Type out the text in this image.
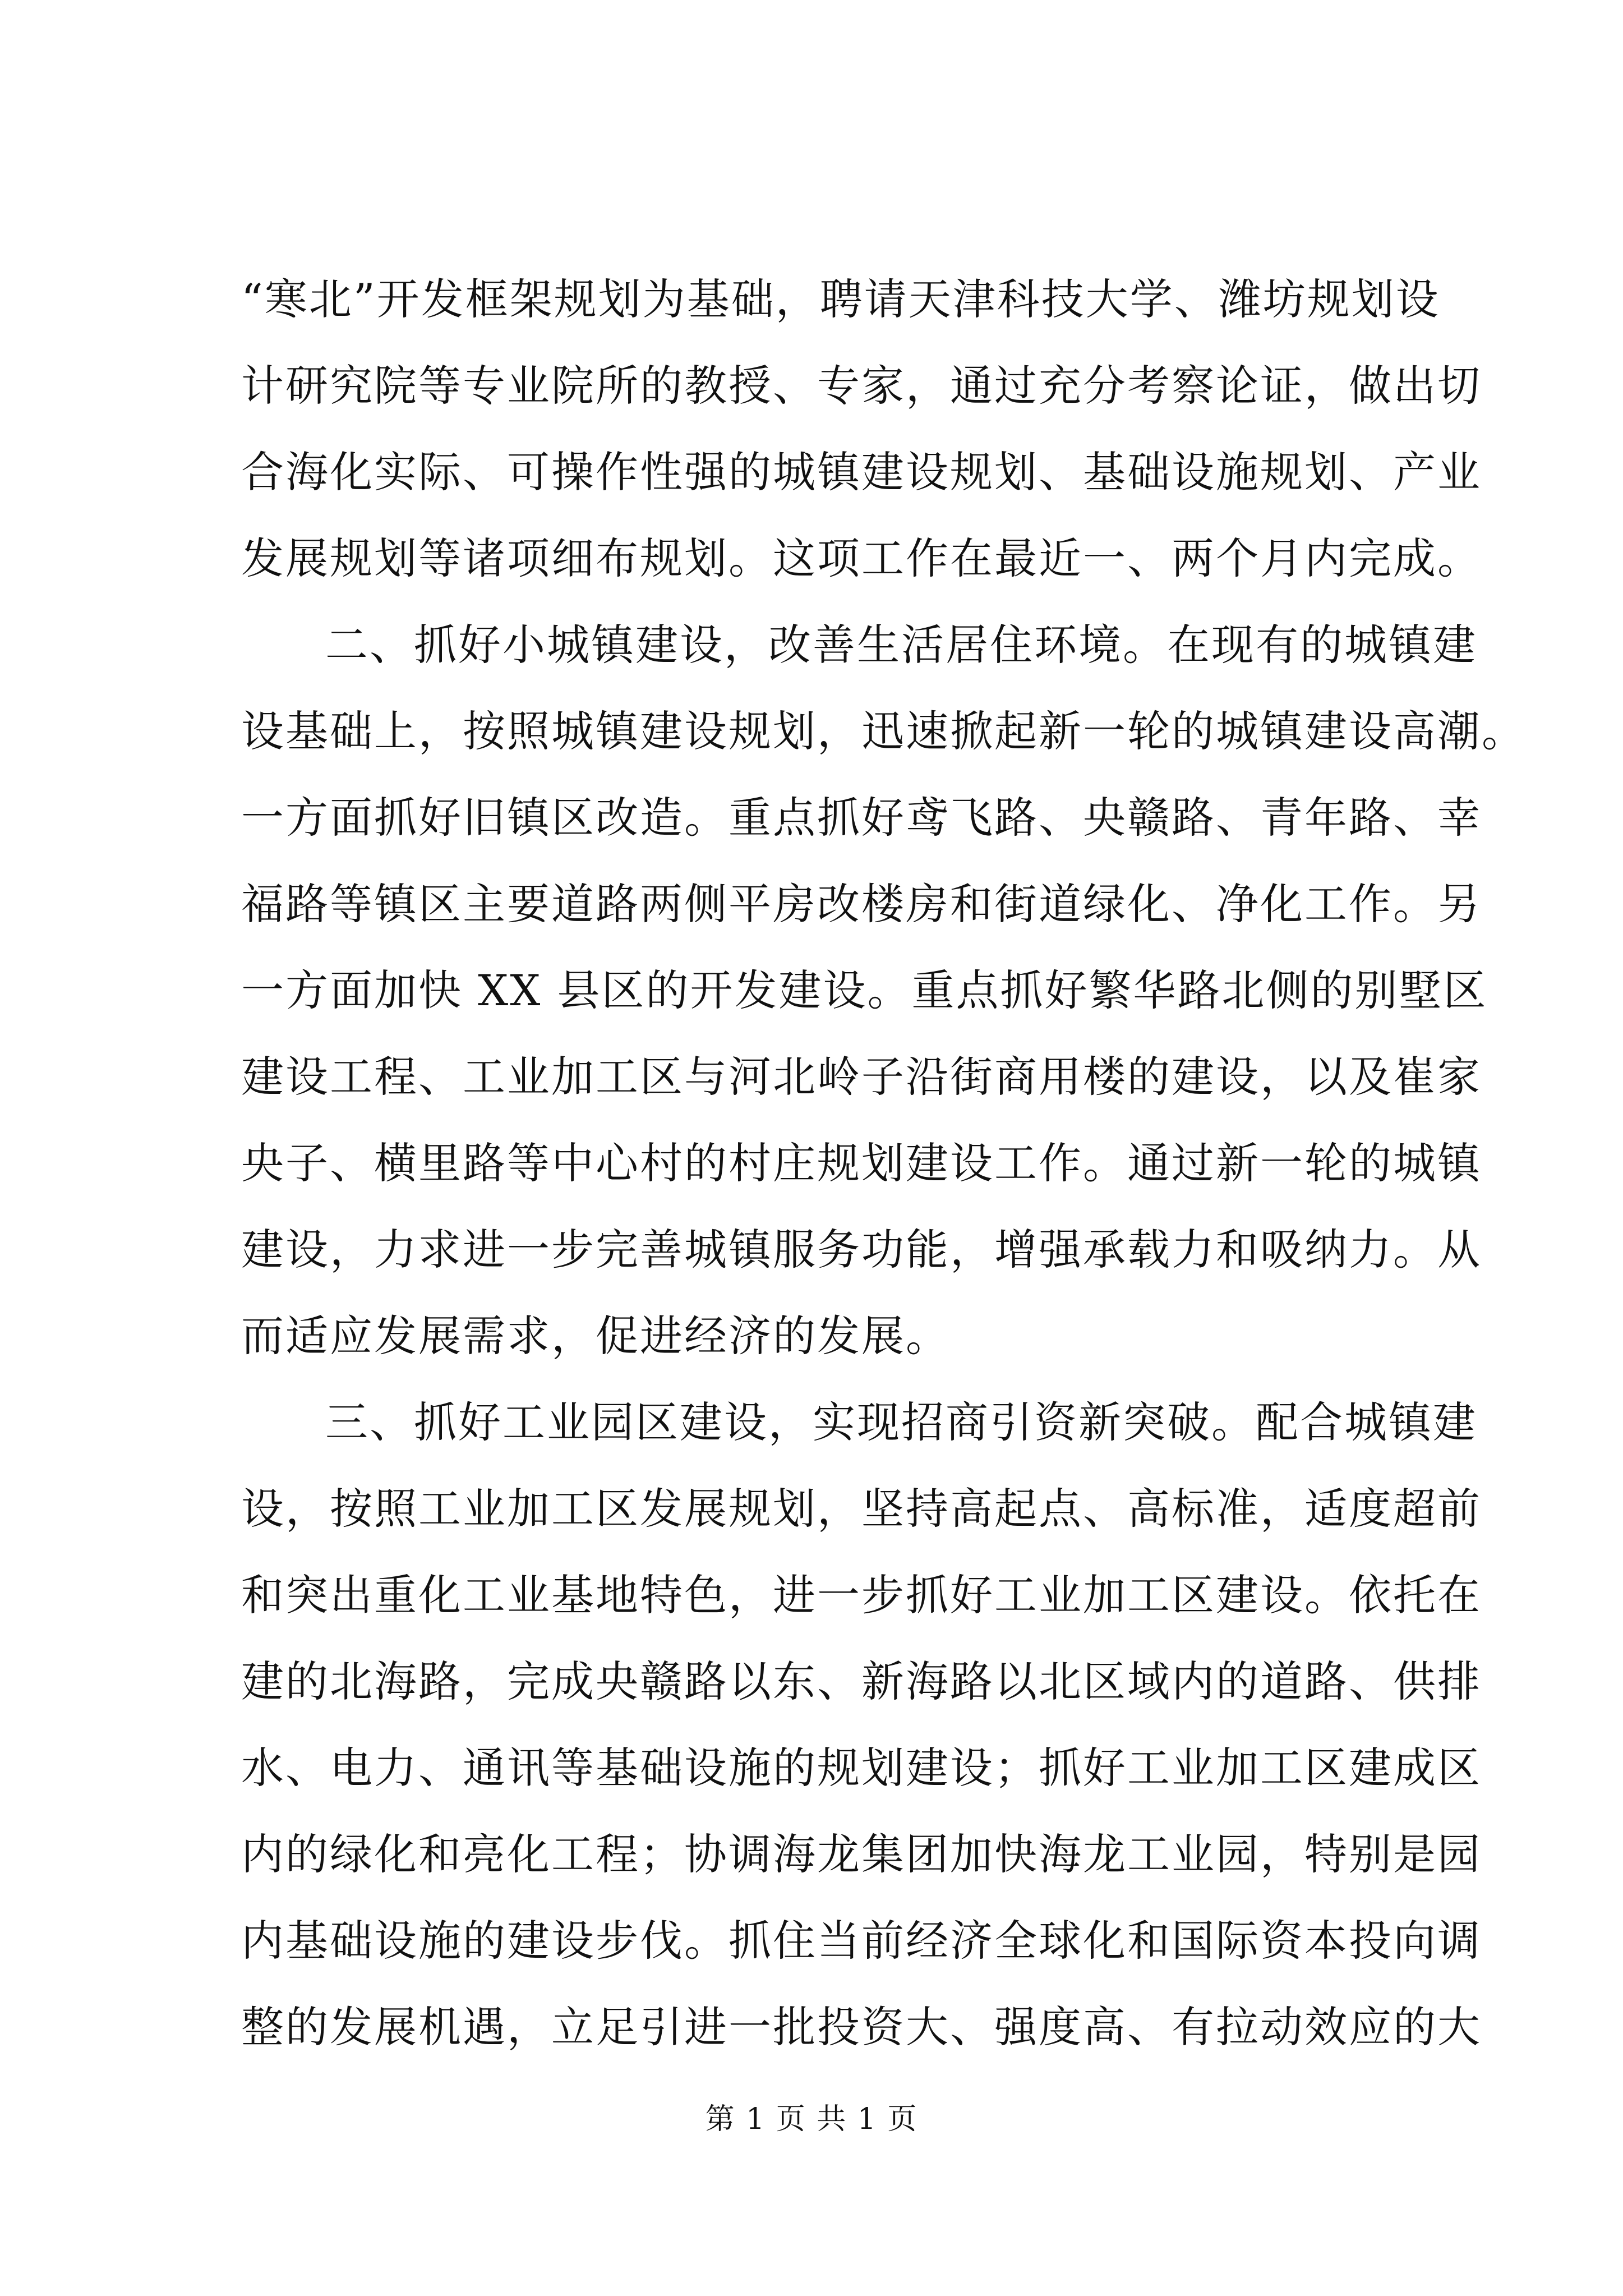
“寒北”开发框架规划为基础，聘请天津科技大学、潍坊规划设
计研究院等专业院所的教授、专家，通过充分考察论证，做出切
合海化实际、可操作性强的城镇建设规划、基础设施规划、产业
发展规划等诸项细布规划。这项工作在最近一、两个月内完成。
二、抓好小城镇建设，改善生活居住环境。在现有的城镇建
设基础上，按照城镇建设规划，迅速掀起新一轮的城镇建设高潮。
一方面抓好旧镇区改造。重点抓好鸢飞路、央赣路、青年路、幸
福路等镇区主要道路两侧平房改楼房和街道绿化、净化工作。另
一方面加快 XX 县区的开发建设。重点抓好繁华路北侧的别墅区
建设工程、工业加工区与河北岭子沿街商用楼的建设，以及崔家
央子、横里路等中心村的村庄规划建设工作。通过新一轮的城镇
建设，力求进一步完善城镇服务功能，增强承载力和吸纳力。从
而适应发展需求，促进经济的发展。
三、抓好工业园区建设，实现招商引资新突破。配合城镇建
设，按照工业加工区发展规划，坚持高起点、高标准，适度超前
和突出重化工业基地特色，进一步抓好工业加工区建设。依托在
建的北海路，完成央赣路以东、新海路以北区域内的道路、供排
水、电力、通讯等基础设施的规划建设；抓好工业加工区建成区
内的绿化和亮化工程；协调海龙集团加快海龙工业园，特别是园
内基础设施的建设步伐。抓住当前经济全球化和国际资本投向调
整的发展机遇，立足引进一批投资大、强度高、有拉动效应的大
第 1 页 共 1 页
